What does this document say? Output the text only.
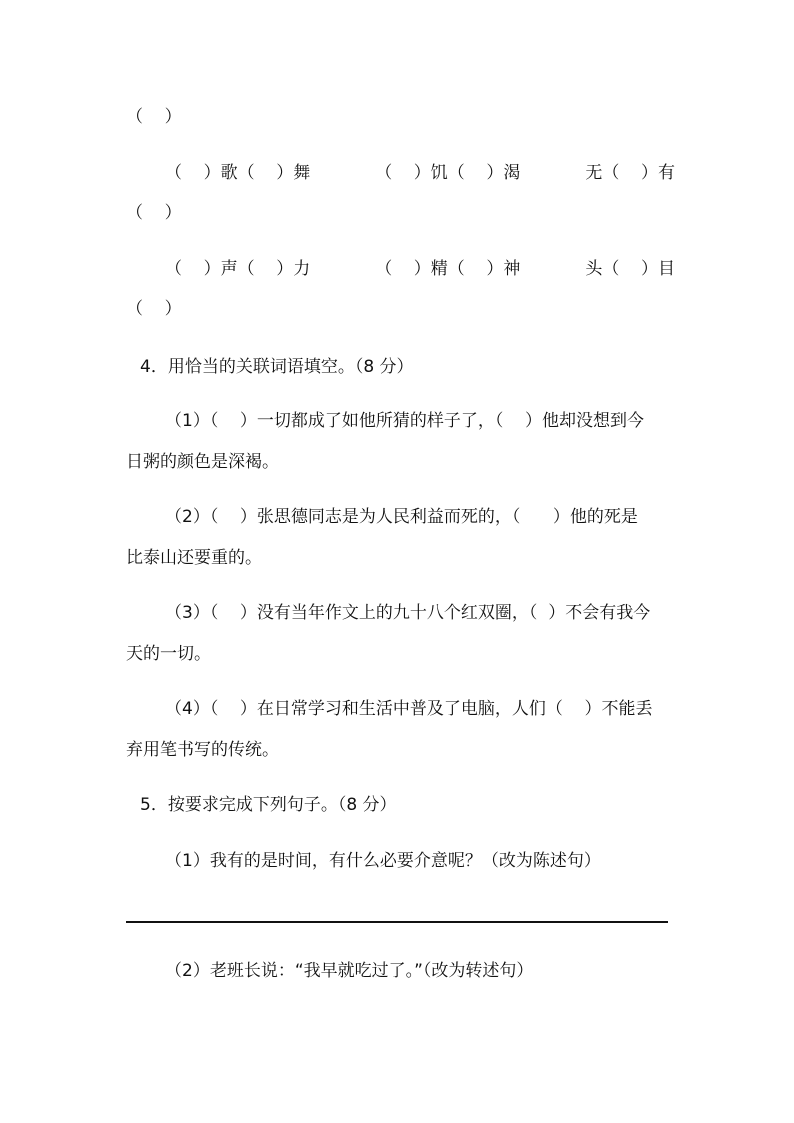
（    ）
（    ）歌（    ）舞	（    ）饥（    ）渴	无（    ）有
（    ）
（    ）声（    ）力	（    ）精（    ）神	头（    ）目
（    ）
4．用恰当的关联词语填空。（8 分）
（1）（    ）一切都成了如他所猜的样子了，（    ）他却没想到今
日粥的颜色是深褐。
（2）（    ）张思德同志是为人民利益而死的，（      ）他的死是
比泰山还要重的。
（3）（    ）没有当年作文上的九十八个红双圈，（  ）不会有我今
天的一切。
（4）（    ）在日常学习和生活中普及了电脑，人们（    ）不能丢
弃用笔书写的传统。
5．按要求完成下列句子。（8 分）
（1）我有的是时间，有什么必要介意呢？（改为陈述句）
（2）老班长说：“我早就吃过了。”（改为转述句）
